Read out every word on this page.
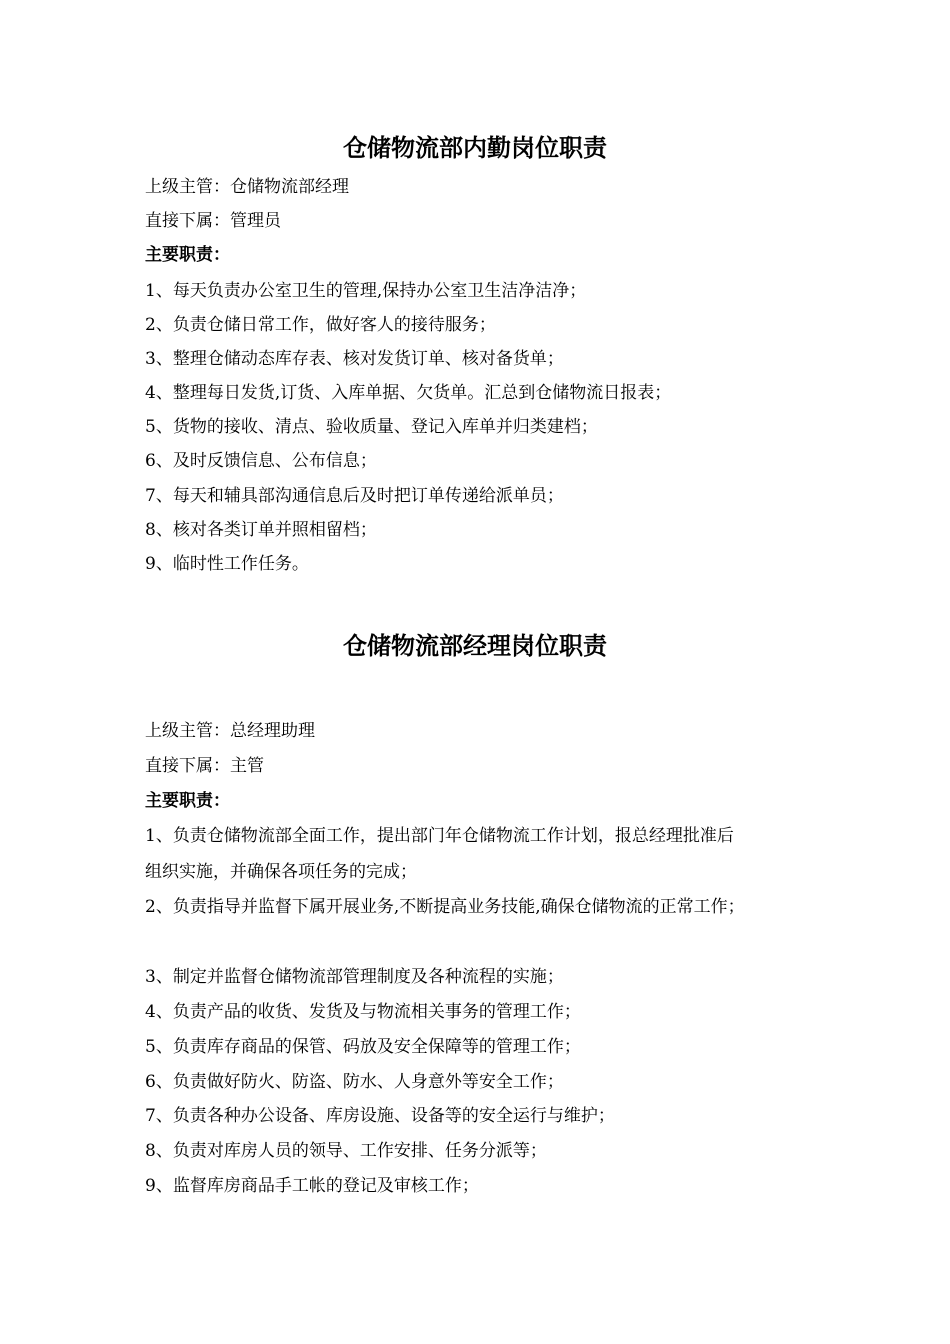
仓储物流部内勤岗位职责

上级主管：仓储物流部经理

直接下属：管理员

主要职责：

1、每天负责办公室卫生的管理,保持办公室卫生洁净洁净；

2、负责仓储日常工作，做好客人的接待服务；

3、整理仓储动态库存表、核对发货订单、核对备货单；

4、整理每日发货,订货、入库单据、欠货单。汇总到仓储物流日报表；

5、货物的接收、清点、验收质量、登记入库单并归类建档；

6、及时反馈信息、公布信息；

7、每天和辅具部沟通信息后及时把订单传递给派单员；

8、核对各类订单并照相留档；

9、临时性工作任务。

仓储物流部经理岗位职责

上级主管：总经理助理

直接下属：主管

主要职责：

1、负责仓储物流部全面工作，提出部门年仓储物流工作计划，报总经理批准后

组织实施，并确保各项任务的完成；

2、负责指导并监督下属开展业务,不断提高业务技能,确保仓储物流的正常工作；

3、制定并监督仓储物流部管理制度及各种流程的实施；

4、负责产品的收货、发货及与物流相关事务的管理工作；

5、负责库存商品的保管、码放及安全保障等的管理工作；

6、负责做好防火、防盗、防水、人身意外等安全工作；

7、负责各种办公设备、库房设施、设备等的安全运行与维护；

8、负责对库房人员的领导、工作安排、任务分派等；

9、监督库房商品手工帐的登记及审核工作；
